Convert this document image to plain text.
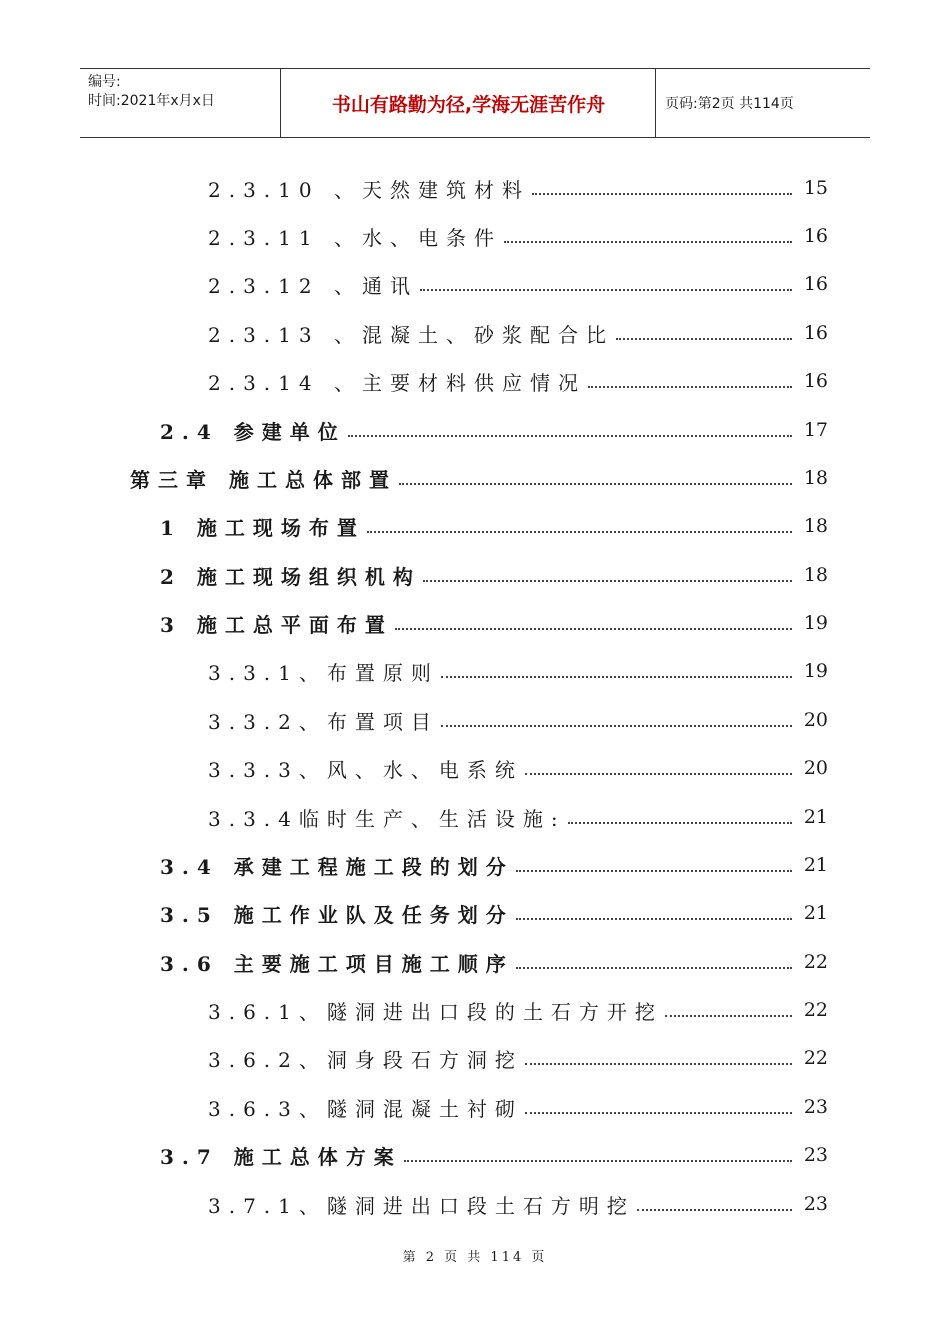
编号:
时间:2021年x月x日	书山有路勤为径,学海无涯苦作舟	页码:第2页 共114页
2.3.10 、天然建筑材料	15
2.3.11 、水、电条件	16
2.3.12 、通讯	16
2.3.13 、混凝土、砂浆配合比	16
2.3.14 、主要材料供应情况	16
2.4 参建单位	17
第三章 施工总体部置	18
1 施工现场布置	18
2 施工现场组织机构	18
3 施工总平面布置	19
3.3.1、布置原则	19
3.3.2、布置项目	20
3.3.3、风、水、电系统	20
3.3.4临时生产、生活设施:	21
3.4 承建工程施工段的划分	21
3.5 施工作业队及任务划分	21
3.6 主要施工项目施工顺序	22
3.6.1、隧洞进出口段的土石方开挖	22
3.6.2、洞身段石方洞挖	22
3.6.3、隧洞混凝土衬砌	23
3.7 施工总体方案	23
3.7.1、隧洞进出口段土石方明挖	23
第 2 页 共 114 页
